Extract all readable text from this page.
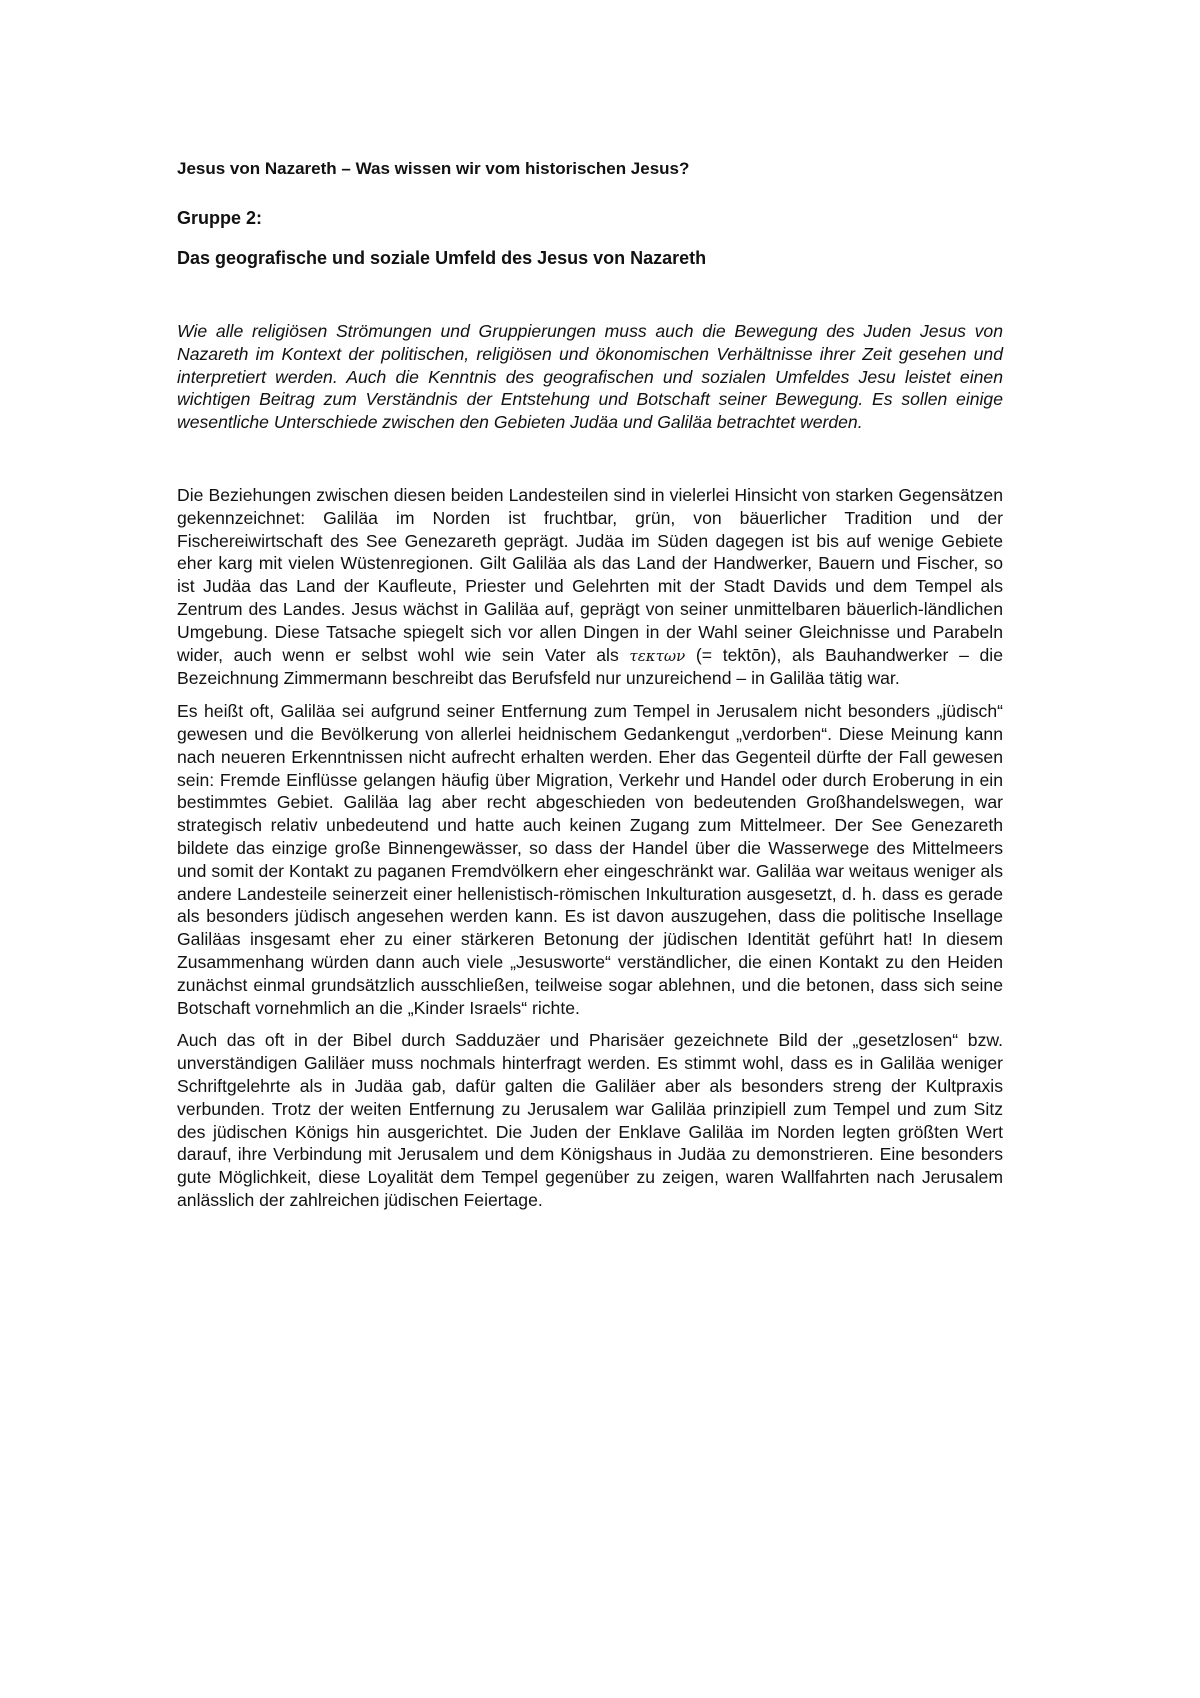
Jesus von Nazareth – Was wissen wir vom historischen Jesus?
Gruppe 2:
Das geografische und soziale Umfeld des Jesus von Nazareth

Wie alle religiösen Strömungen und Gruppierungen muss auch die Bewegung des Juden Jesus von Nazareth im Kontext der politischen, religiösen und ökonomischen Verhältnisse ihrer Zeit gesehen und interpretiert werden. Auch die Kenntnis des geografischen und sozialen Umfeldes Jesu leistet einen wichtigen Beitrag zum Verständnis der Entstehung und Botschaft seiner Bewegung. Es sollen einige wesentliche Unterschiede zwischen den Gebieten Judäa und Galiläa betrachtet werden.

Die Beziehungen zwischen diesen beiden Landesteilen sind in vielerlei Hinsicht von starken Gegensätzen gekennzeichnet: Galiläa im Norden ist fruchtbar, grün, von bäuerlicher Tradition und der Fischereiwirtschaft des See Genezareth geprägt. Judäa im Süden dagegen ist bis auf wenige Gebiete eher karg mit vielen Wüstenregionen. Gilt Galiläa als das Land der Handwerker, Bauern und Fischer, so ist Judäa das Land der Kaufleute, Priester und Gelehrten mit der Stadt Davids und dem Tempel als Zentrum des Landes. Jesus wächst in Galiläa auf, geprägt von seiner unmittelbaren bäuerlich-ländlichen Umgebung. Diese Tatsache spiegelt sich vor allen Dingen in der Wahl seiner Gleichnisse und Parabeln wider, auch wenn er selbst wohl wie sein Vater als τεκτων (= tektōn), als Bauhandwerker – die Bezeichnung Zimmermann beschreibt das Berufsfeld nur unzureichend – in Galiläa tätig war.

Es heißt oft, Galiläa sei aufgrund seiner Entfernung zum Tempel in Jerusalem nicht besonders „jüdisch“ gewesen und die Bevölkerung von allerlei heidnischem Gedankengut „verdorben“. Diese Meinung kann nach neueren Erkenntnissen nicht aufrecht erhalten werden. Eher das Gegenteil dürfte der Fall gewesen sein: Fremde Einflüsse gelangen häufig über Migration, Verkehr und Handel oder durch Eroberung in ein bestimmtes Gebiet. Galiläa lag aber recht abgeschieden von bedeutenden Großhandelswegen, war strategisch relativ unbedeutend und hatte auch keinen Zugang zum Mittelmeer. Der See Genezareth bildete das einzige große Binnengewässer, so dass der Handel über die Wasserwege des Mittelmeers und somit der Kontakt zu paganen Fremdvölkern eher eingeschränkt war. Galiläa war weitaus weniger als andere Landesteile seinerzeit einer hellenistisch-römischen Inkulturation ausgesetzt, d. h. dass es gerade als besonders jüdisch angesehen werden kann. Es ist davon auszugehen, dass die politische Insellage Galiläas insgesamt eher zu einer stärkeren Betonung der jüdischen Identität geführt hat! In diesem Zusammenhang würden dann auch viele „Jesusworte“ verständlicher, die einen Kontakt zu den Heiden zunächst einmal grundsätzlich ausschließen, teilweise sogar ablehnen, und die betonen, dass sich seine Botschaft vornehmlich an die „Kinder Israels“ richte.

Auch das oft in der Bibel durch Sadduzäer und Pharisäer gezeichnete Bild der „gesetzlosen“ bzw. unverständigen Galiläer muss nochmals hinterfragt werden. Es stimmt wohl, dass es in Galiläa weniger Schriftgelehrte als in Judäa gab, dafür galten die Galiläer aber als besonders streng der Kultpraxis verbunden. Trotz der weiten Entfernung zu Jerusalem war Galiläa prinzipiell zum Tempel und zum Sitz des jüdischen Königs hin ausgerichtet. Die Juden der Enklave Galiläa im Norden legten größten Wert darauf, ihre Verbindung mit Jerusalem und dem Königshaus in Judäa zu demonstrieren. Eine besonders gute Möglichkeit, diese Loyalität dem Tempel gegenüber zu zeigen, waren Wallfahrten nach Jerusalem anlässlich der zahlreichen jüdischen Feiertage.
